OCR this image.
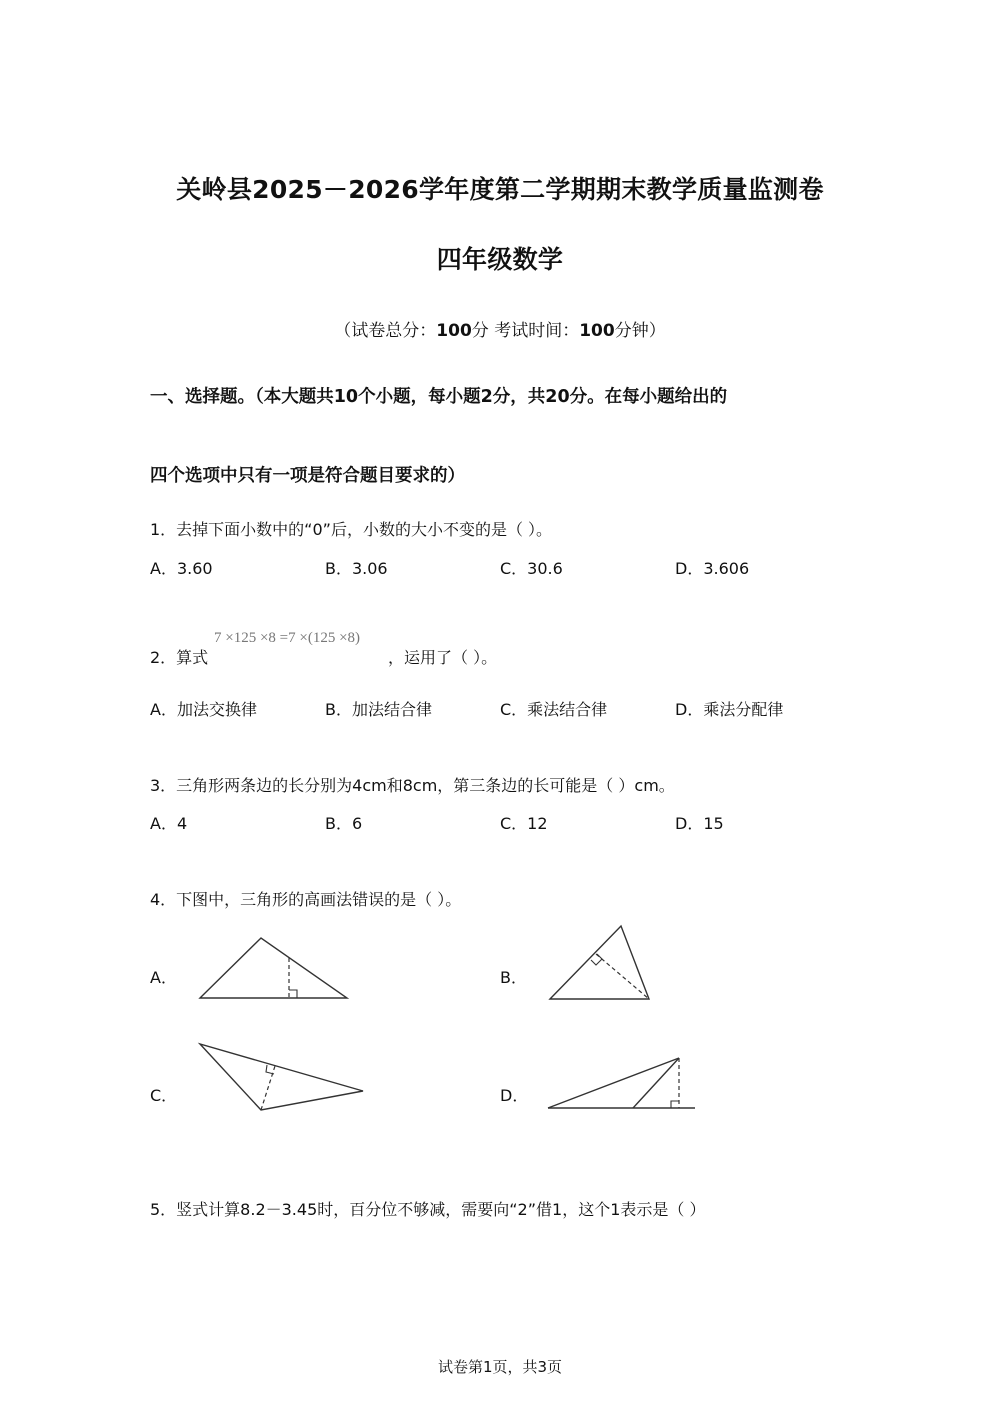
关岭县2025－2026学年度第二学期期末教学质量监测卷
四年级数学
（试卷总分：100分 考试时间：100分钟）
一、选择题。（本大题共10个小题，每小题2分，共20分。在每小题给出的
四个选项中只有一项是符合题目要求的）
1．去掉下面小数中的“0”后，小数的大小不变的是（ ）。
A．3.60	B．3.06	C．30.6	D．3.606
2．算式
7 ×125 ×8 =7 ×(125 ×8)
，运用了（ ）。
A．加法交换律	B．加法结合律	C．乘法结合律	D．乘法分配律
3．三角形两条边的长分别为4cm和8cm，第三条边的长可能是（ ）cm。
A．4	B．6	C．12	D．15
4．下图中，三角形的高画法错误的是（ ）。
A．	B．
C．	D．
5．竖式计算8.2－3.45时，百分位不够减，需要向“2”借1，这个1表示是（ ）
试卷第1页，共3页
